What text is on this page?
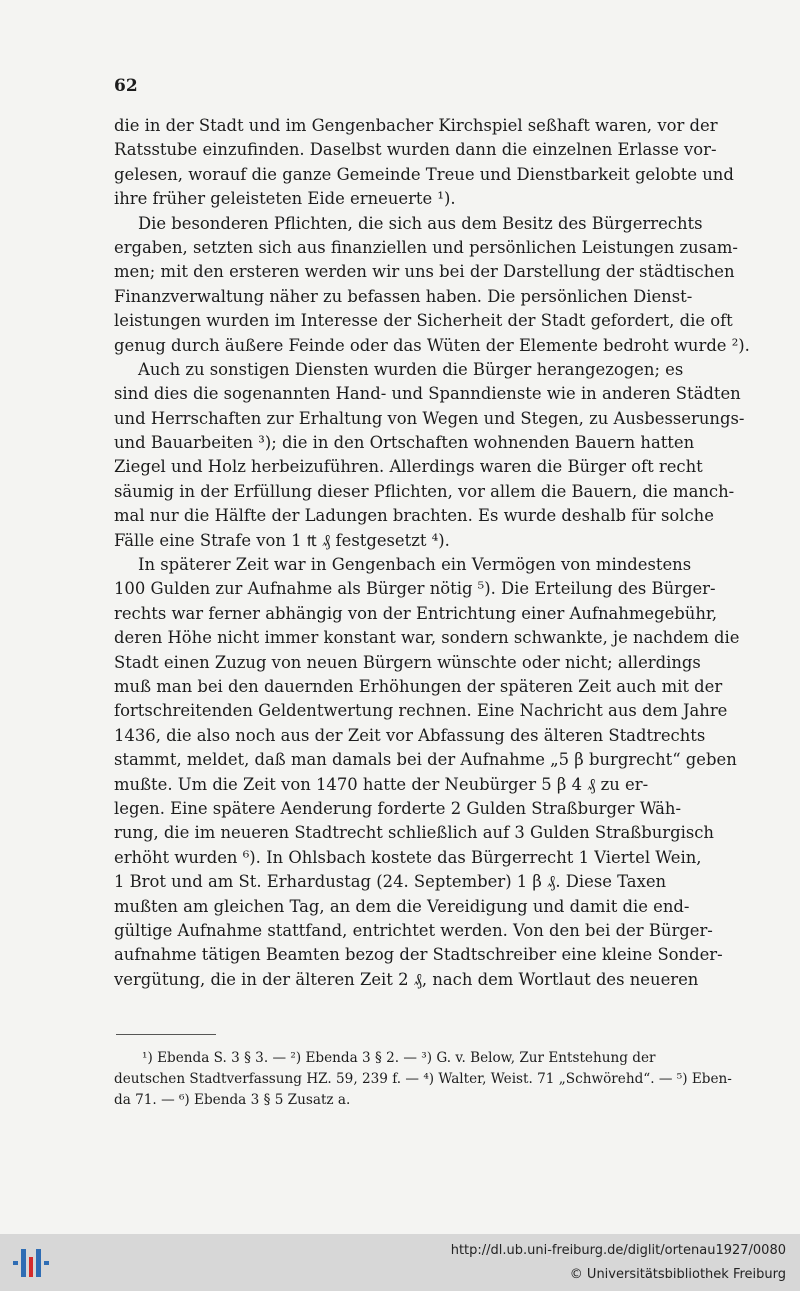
62
die in der Stadt und im Gengenbacher Kirchspiel seßhaft waren, vor der
Ratsstube einzufinden. Daselbst wurden dann die einzelnen Erlasse vor-
gelesen, worauf die ganze Gemeinde Treue und Dienstbarkeit gelobte und
ihre früher geleisteten Eide erneuerte ¹).
Die besonderen Pflichten, die sich aus dem Besitz des Bürgerrechts
ergaben, setzten sich aus finanziellen und persönlichen Leistungen zusam-
men; mit den ersteren werden wir uns bei der Darstellung der städtischen
Finanzverwaltung näher zu befassen haben. Die persönlichen Dienst-
leistungen wurden im Interesse der Sicherheit der Stadt gefordert, die oft
genug durch äußere Feinde oder das Wüten der Elemente bedroht wurde ²).
Auch zu sonstigen Diensten wurden die Bürger herangezogen; es
sind dies die sogenannten Hand- und Spanndienste wie in anderen Städten
und Herrschaften zur Erhaltung von Wegen und Stegen, zu Ausbesserungs-
und Bauarbeiten ³); die in den Ortschaften wohnenden Bauern hatten
Ziegel und Holz herbeizuführen. Allerdings waren die Bürger oft recht
säumig in der Erfüllung dieser Pflichten, vor allem die Bauern, die manch-
mal nur die Hälfte der Ladungen brachten. Es wurde deshalb für solche
Fälle eine Strafe von 1 ₶ ₰ festgesetzt ⁴).
In späterer Zeit war in Gengenbach ein Vermögen von mindestens
100 Gulden zur Aufnahme als Bürger nötig ⁵). Die Erteilung des Bürger-
rechts war ferner abhängig von der Entrichtung einer Aufnahmegebühr,
deren Höhe nicht immer konstant war, sondern schwankte, je nachdem die
Stadt einen Zuzug von neuen Bürgern wünschte oder nicht; allerdings
muß man bei den dauernden Erhöhungen der späteren Zeit auch mit der
fortschreitenden Geldentwertung rechnen. Eine Nachricht aus dem Jahre
1436, die also noch aus der Zeit vor Abfassung des älteren Stadtrechts
stammt, meldet, daß man damals bei der Aufnahme „5 β burgrecht“ geben
mußte. Um die Zeit von 1470 hatte der Neubürger 5 β 4 ₰ zu er-
legen. Eine spätere Aenderung forderte 2 Gulden Straßburger Wäh-
rung, die im neueren Stadtrecht schließlich auf 3 Gulden Straßburgisch
erhöht wurden ⁶). In Ohlsbach kostete das Bürgerrecht 1 Viertel Wein,
1 Brot und am St. Erhardustag (24. September) 1 β ₰. Diese Taxen
mußten am gleichen Tag, an dem die Vereidigung und damit die end-
gültige Aufnahme stattfand, entrichtet werden. Von den bei der Bürger-
aufnahme tätigen Beamten bezog der Stadtschreiber eine kleine Sonder-
vergütung, die in der älteren Zeit 2 ₰, nach dem Wortlaut des neueren
¹) Ebenda S. 3 § 3. — ²) Ebenda 3 § 2. — ³) G. v. Below, Zur Entstehung der
deutschen Stadtverfassung HZ. 59, 239 f. — ⁴) Walter, Weist. 71 „Schwörehd“. — ⁵) Eben-
da 71. — ⁶) Ebenda 3 § 5 Zusatz a.
http://dl.ub.uni-freiburg.de/diglit/ortenau1927/0080
© Universitätsbibliothek Freiburg
